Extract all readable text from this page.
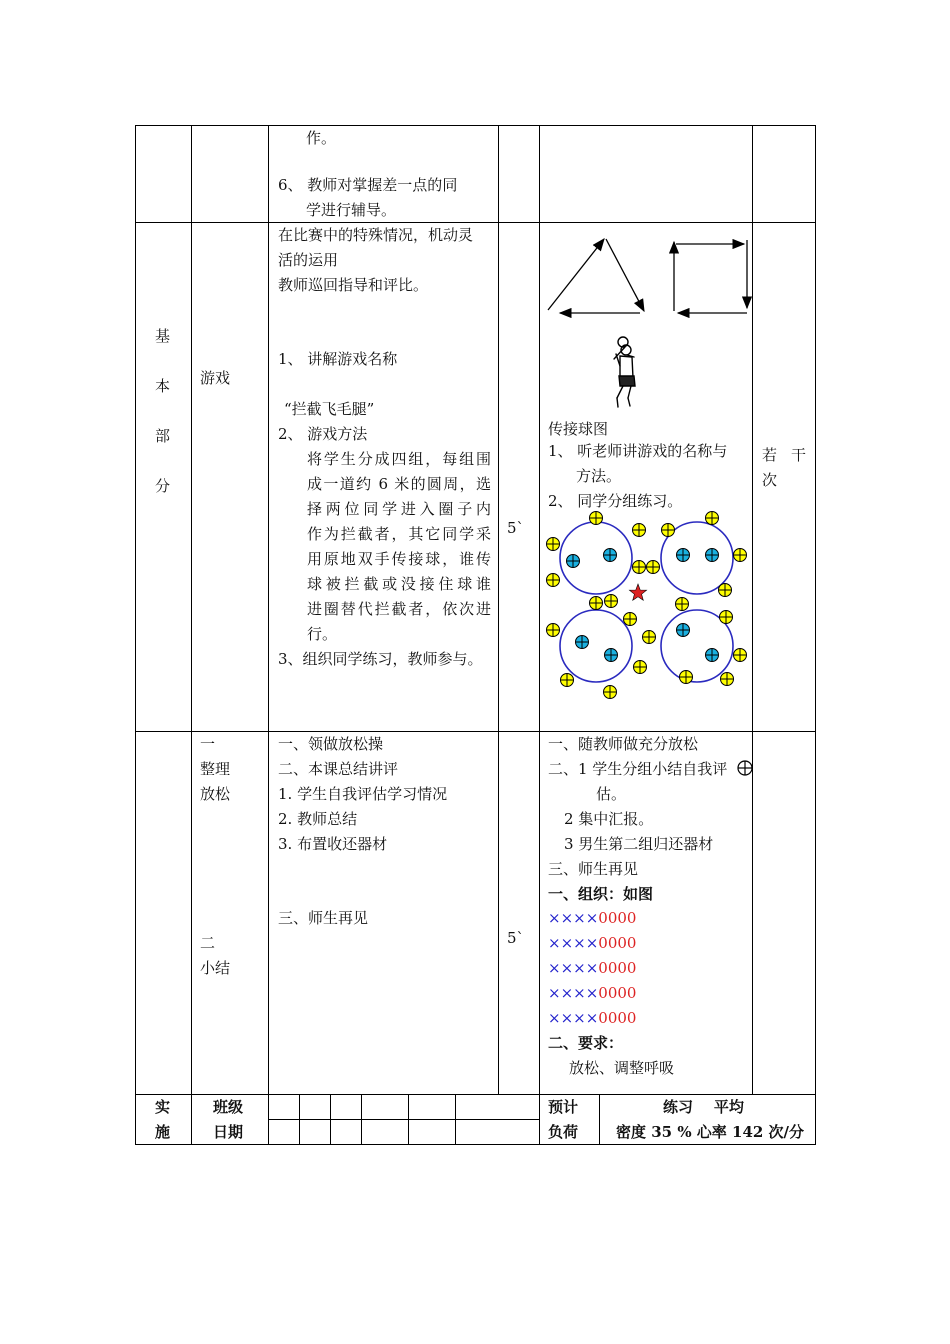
作。
6、 教师对掌握差一点的同
学进行辅导。
基
本
部
分
游戏
在比赛中的特殊情况，机动灵
活的运用
教师巡回指导和评比。
1、 讲解游戏名称
“拦截飞毛腿”
2、 游戏方法
将学生分成四组，每组围
成一道约 6 米的圆周，选
择两位同学进入圈子内
作为拦截者，其它同学采
用原地双手传接球，谁传
球被拦截或没接住球谁
进圈替代拦截者，依次进
行。
3、组织同学练习，教师参与。
5`
传接球图
1、 听老师讲游戏的名称与
方法。
2、 同学分组练习。
若 干
次
一
整理
放松
二
小结
一、领做放松操
二、本课总结讲评
1. 学生自我评估学习情况
2. 教师总结
3. 布置收还器材
三、师生再见
5`
一、随教师做充分放松
二、1 学生分组小结自我评
估。
2 集中汇报。
3 男生第二组归还器材
三、师生再见
一、组织：如图
××××0000
××××0000
××××0000
××××0000
××××0000
二、要求：
放松、调整呼吸
实
施
班级
日期
预计
负荷
练习    平均
密度 35 % 心率 142 次/分
